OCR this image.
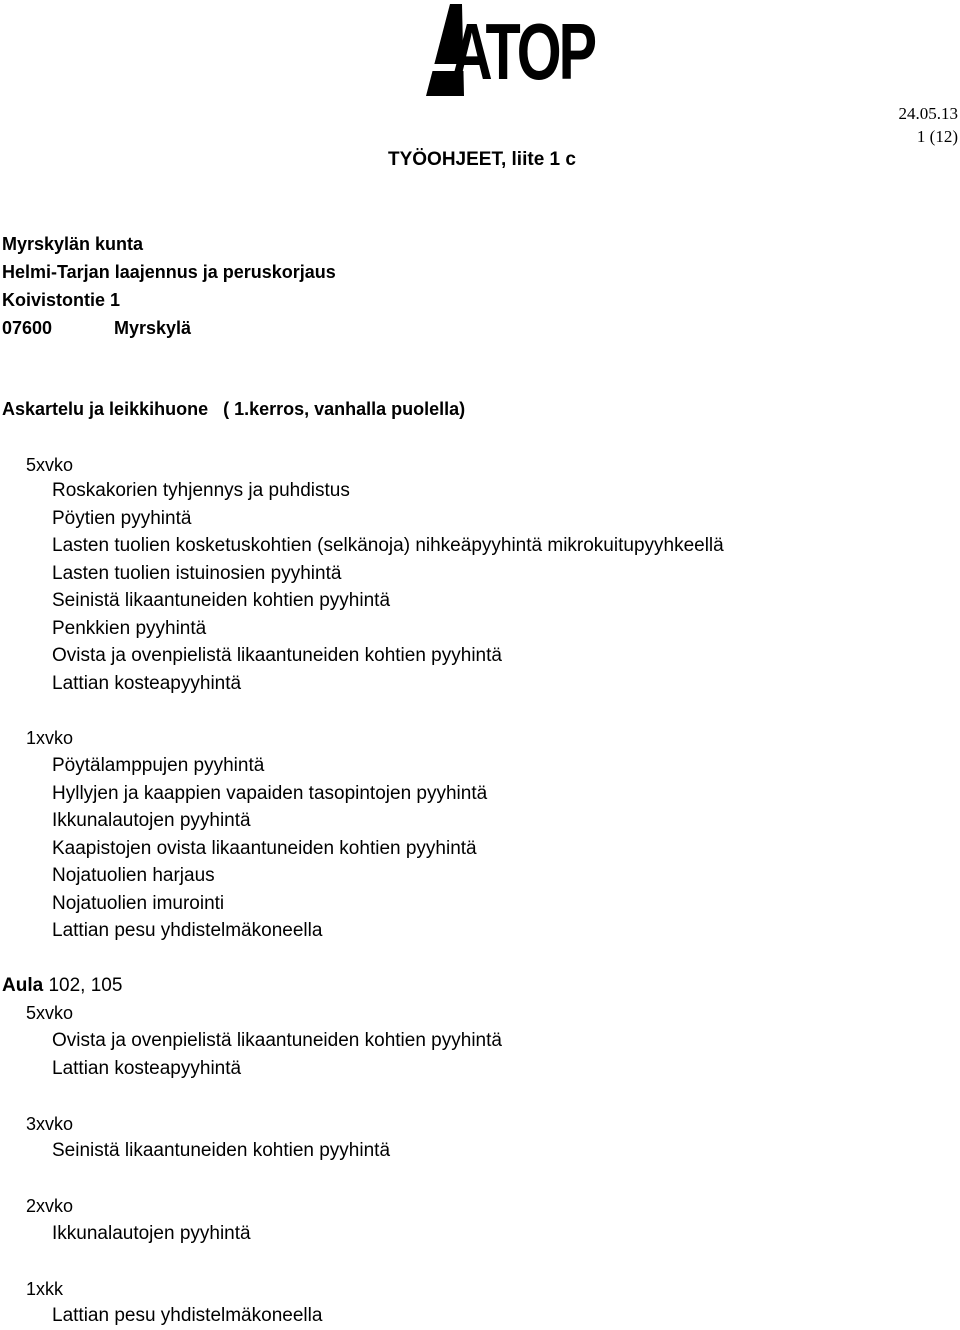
ATOP
24.05.13
1 (12)
TYÖOHJEET, liite 1 c
Myrskylän kunta
Helmi-Tarjan laajennus ja peruskorjaus
Koivistontie 1
07600	Myrskylä
Askartelu ja leikkihuone   ( 1.kerros, vanhalla puolella)
5xvko
Roskakorien tyhjennys ja puhdistus
Pöytien pyyhintä
Lasten tuolien kosketuskohtien (selkänoja) nihkeäpyyhintä mikrokuitupyyhkeellä
Lasten tuolien istuinosien pyyhintä
Seinistä likaantuneiden kohtien pyyhintä
Penkkien pyyhintä
Ovista ja ovenpielistä likaantuneiden kohtien pyyhintä
Lattian kosteapyyhintä
1xvko
Pöytälamppujen pyyhintä
Hyllyjen ja kaappien vapaiden tasopintojen pyyhintä
Ikkunalautojen pyyhintä
Kaapistojen ovista likaantuneiden kohtien pyyhintä
Nojatuolien harjaus
Nojatuolien imurointi
Lattian pesu yhdistelmäkoneella
Aula 102, 105
5xvko
Ovista ja ovenpielistä likaantuneiden kohtien pyyhintä
Lattian kosteapyyhintä
3xvko
Seinistä likaantuneiden kohtien pyyhintä
2xvko
Ikkunalautojen pyyhintä
1xkk
Lattian pesu yhdistelmäkoneella
